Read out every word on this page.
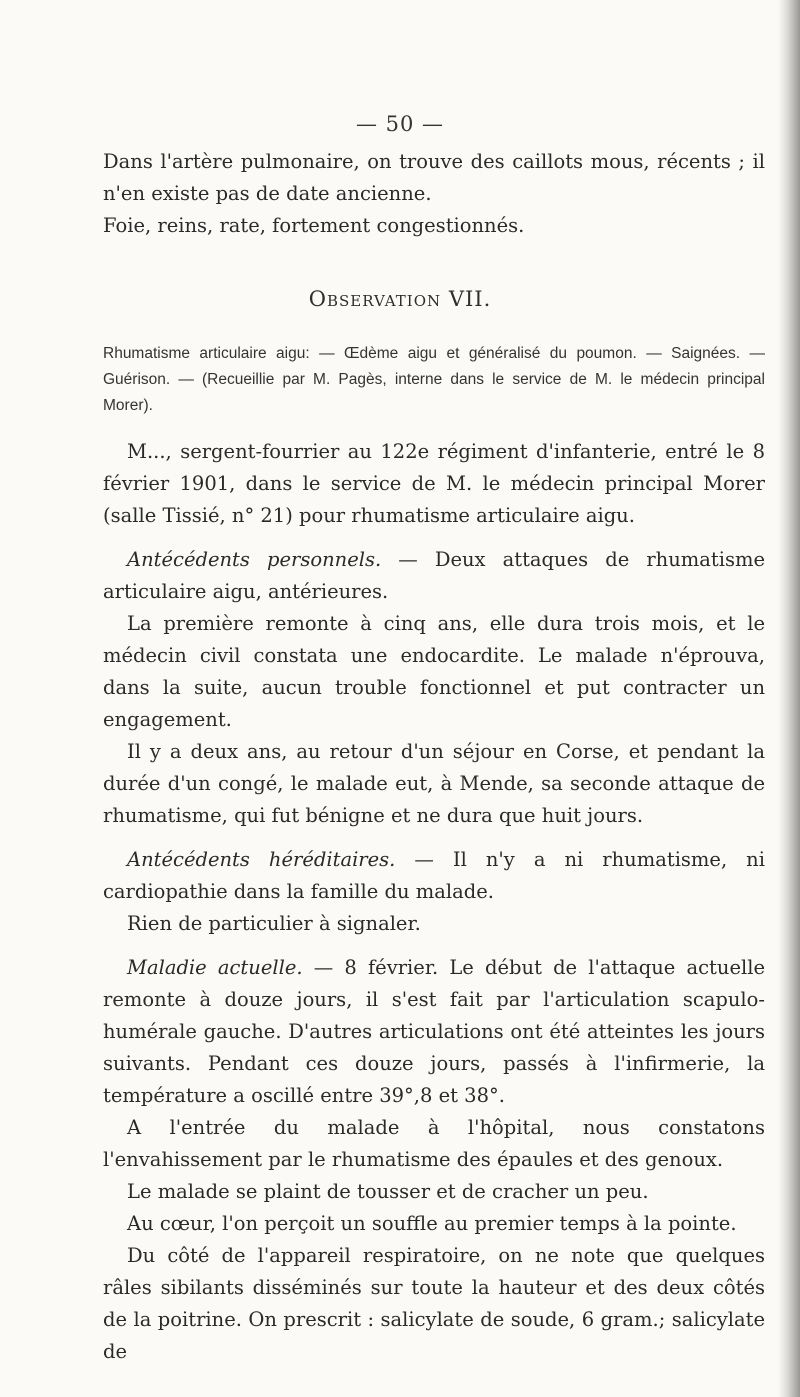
— 50 —

Dans l'artère pulmonaire, on trouve des caillots mous, récents ; il n'en existe pas de date ancienne.

Foie, reins, rate, fortement congestionnés.

Observation VII.
Rhumatisme articulaire aigu: — Œdème aigu et généralisé du poumon. — Saignées. — Guérison. — (Recueillie par M. Pagès, interne dans le service de M. le médecin principal Morer).

M..., sergent-fourrier au 122e régiment d'infanterie, entré le 8 février 1901, dans le service de M. le médecin principal Morer (salle Tissié, n° 21) pour rhumatisme articulaire aigu.

Antécédents personnels. — Deux attaques de rhumatisme articulaire aigu, antérieures.

La première remonte à cinq ans, elle dura trois mois, et le médecin civil constata une endocardite. Le malade n'éprouva, dans la suite, aucun trouble fonctionnel et put contracter un engagement.

Il y a deux ans, au retour d'un séjour en Corse, et pendant la durée d'un congé, le malade eut, à Mende, sa seconde attaque de rhumatisme, qui fut bénigne et ne dura que huit jours.

Antécédents héréditaires. — Il n'y a ni rhumatisme, ni cardiopathie dans la famille du malade.

Rien de particulier à signaler.

Maladie actuelle. — 8 février. Le début de l'attaque actuelle remonte à douze jours, il s'est fait par l'articulation scapulo-humérale gauche. D'autres articulations ont été atteintes les jours suivants. Pendant ces douze jours, passés à l'infirmerie, la température a oscillé entre 39°,8 et 38°.

A l'entrée du malade à l'hôpital, nous constatons l'envahissement par le rhumatisme des épaules et des genoux.

Le malade se plaint de tousser et de cracher un peu.

Au cœur, l'on perçoit un souffle au premier temps à la pointe.

Du côté de l'appareil respiratoire, on ne note que quelques râles sibilants disséminés sur toute la hauteur et des deux côtés de la poitrine. On prescrit : salicylate de soude, 6 gram.; salicylate de
